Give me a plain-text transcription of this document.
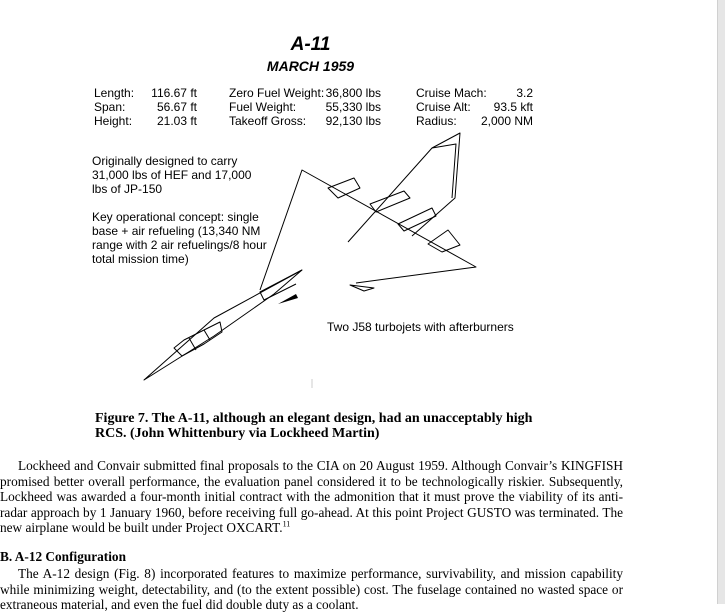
A-11
MARCH 1959
Length: 116.67 ft
Span:	56.67 ft
Height: 21.03 ft
Zero Fuel Weight: 36,800 lbs
Fuel Weight: 55,330 lbs
Takeoff Gross: 92,130 lbs
Cruise Mach: 3.2
Cruise Alt: 93.5 kft
Radius: 2,000 NM
Originally designed to carry
31,000 lbs of HEF and 17,000
lbs of JP-150
Key operational concept: single
base + air refueling (13,340 NM
range with 2 air refuelings/8 hour
total mission time)
Two J58 turbojets with afterburners
Figure 7. The A-11, although an elegant design, had an unacceptably high
RCS. (John Whittenbury via Lockheed Martin)

Lockheed and Convair submitted final proposals to the CIA on 20 August 1959. Although Convair’s KINGFISH promised better overall performance, the evaluation panel considered it to be technologically riskier. Subsequently, Lockheed was awarded a four-month initial contract with the admonition that it must prove the viability of its anti-radar approach by 1 January 1960, before receiving full go-ahead. At this point Project GUSTO was terminated. The new airplane would be built under Project OXCART.$^{11}$

B. A-12 Configuration

The A-12 design (Fig. 8) incorporated features to maximize performance, survivability, and mission capability while minimizing weight, detectability, and (to the extent possible) cost. The fuselage contained no wasted space or extraneous material, and even the fuel did double duty as a coolant.
